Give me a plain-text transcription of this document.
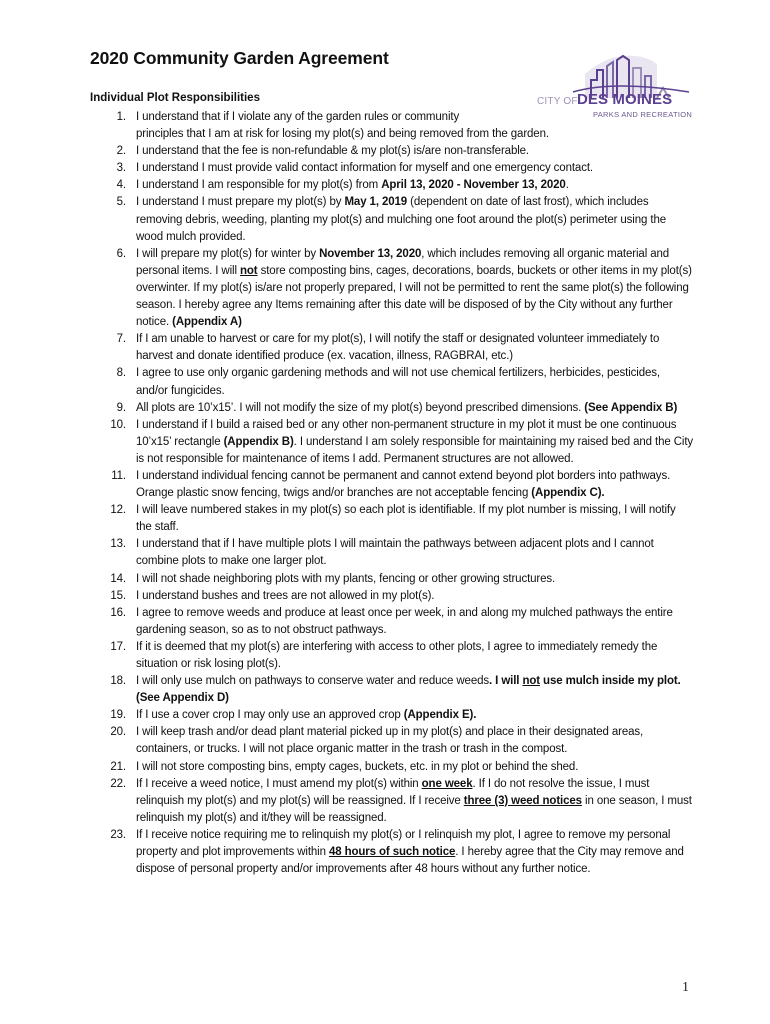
2020 Community Garden Agreement
CITY OF DES MOINES
PARKS AND RECREATION
Individual Plot Responsibilities
1. I understand that if I violate any of the garden rules or community
principles that I am at risk for losing my plot(s) and being removed from the garden.
2. I understand that the fee is non-refundable & my plot(s) is/are non-transferable.
3. I understand I must provide valid contact information for myself and one emergency contact.
4. I understand I am responsible for my plot(s) from April 13, 2020 - November 13, 2020.
5. I understand I must prepare my plot(s) by May 1, 2019 (dependent on date of last frost), which includes removing debris, weeding, planting my plot(s) and mulching one foot around the plot(s) perimeter using the wood mulch provided.
6. I will prepare my plot(s) for winter by November 13, 2020, which includes removing all organic material and personal items. I will not store composting bins, cages, decorations, boards, buckets or other items in my plot(s) overwinter. If my plot(s) is/are not properly prepared, I will not be permitted to rent the same plot(s) the following season. I hereby agree any Items remaining after this date will be disposed of by the City without any further notice. (Appendix A)
7. If I am unable to harvest or care for my plot(s), I will notify the staff or designated volunteer immediately to harvest and donate identified produce (ex. vacation, illness, RAGBRAI, etc.)
8. I agree to use only organic gardening methods and will not use chemical fertilizers, herbicides, pesticides, and/or fungicides.
9. All plots are 10’x15’. I will not modify the size of my plot(s) beyond prescribed dimensions. (See Appendix B)
10. I understand if I build a raised bed or any other non-permanent structure in my plot it must be one continuous 10’x15’ rectangle (Appendix B). I understand I am solely responsible for maintaining my raised bed and the City is not responsible for maintenance of items I add. Permanent structures are not allowed.
11. I understand individual fencing cannot be permanent and cannot extend beyond plot borders into pathways. Orange plastic snow fencing, twigs and/or branches are not acceptable fencing (Appendix C).
12. I will leave numbered stakes in my plot(s) so each plot is identifiable. If my plot number is missing, I will notify the staff.
13. I understand that if I have multiple plots I will maintain the pathways between adjacent plots and I cannot combine plots to make one larger plot.
14. I will not shade neighboring plots with my plants, fencing or other growing structures.
15. I understand bushes and trees are not allowed in my plot(s).
16. I agree to remove weeds and produce at least once per week, in and along my mulched pathways the entire gardening season, so as to not obstruct pathways.
17. If it is deemed that my plot(s) are interfering with access to other plots, I agree to immediately remedy the situation or risk losing plot(s).
18. I will only use mulch on pathways to conserve water and reduce weeds. I will not use mulch inside my plot. (See Appendix D)
19. If I use a cover crop I may only use an approved crop (Appendix E).
20. I will keep trash and/or dead plant material picked up in my plot(s) and place in their designated areas, containers, or trucks. I will not place organic matter in the trash or trash in the compost.
21. I will not store composting bins, empty cages, buckets, etc. in my plot or behind the shed.
22. If I receive a weed notice, I must amend my plot(s) within one week. If I do not resolve the issue, I must relinquish my plot(s) and my plot(s) will be reassigned. If I receive three (3) weed notices in one season, I must relinquish my plot(s) and it/they will be reassigned.
23. If I receive notice requiring me to relinquish my plot(s) or I relinquish my plot, I agree to remove my personal property and plot improvements within 48 hours of such notice. I hereby agree that the City may remove and dispose of personal property and/or improvements after 48 hours without any further notice.
1
